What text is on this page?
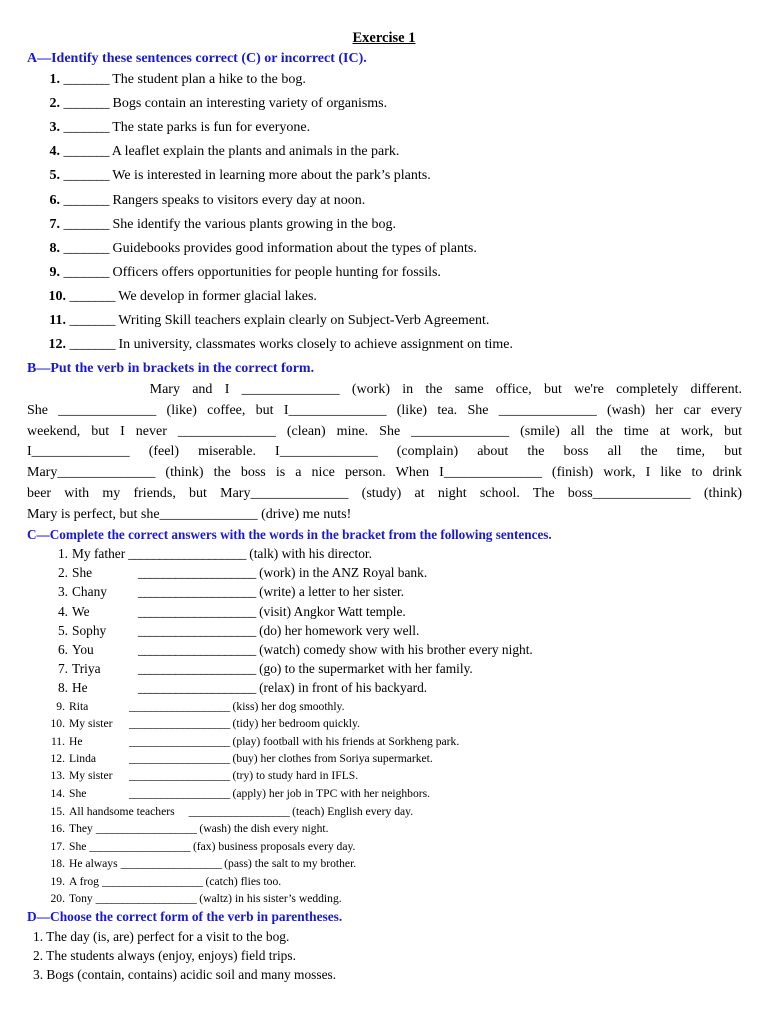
Exercise 1
A—Identify these sentences correct (C) or incorrect (IC).
1. _______ The student plan a hike to the bog.
2. _______ Bogs contain an interesting variety of organisms.
3. _______ The state parks is fun for everyone.
4. _______ A leaflet explain the plants and animals in the park.
5. _______ We is interested in learning more about the park’s plants.
6. _______ Rangers speaks to visitors every day at noon.
7. _______ She identify the various plants growing in the bog.
8. _______ Guidebooks provides good information about the types of plants.
9. _______ Officers offers opportunities for people hunting for fossils.
10. _______ We develop in former glacial lakes.
11. _______ Writing Skill teachers explain clearly on Subject-Verb Agreement.
12. _______ In university, classmates works closely to achieve assignment on time.
B—Put the verb in brackets in the correct form.
Mary and I ______________ (work) in the same office, but we're completely different.
She ______________ (like) coffee, but I______________ (like) tea. She ______________ (wash) her car every
weekend, but I never ______________ (clean) mine. She ______________ (smile) all the time at work, but
I______________ (feel) miserable. I______________ (complain) about the boss all the time, but
Mary______________ (think) the boss is a nice person. When I______________ (finish) work, I like to drink
beer with my friends, but Mary______________ (study) at night school. The boss______________ (think)
Mary is perfect, but she______________ (drive) me nuts!
C—Complete the correct answers with the words in the bracket from the following sentences.
1. My father ___________________ (talk) with his director.
2. She	___________________ (work) in the ANZ Royal bank.
3. Chany ___________________ (write) a letter to her sister.
4. We	___________________ (visit) Angkor Watt temple.
5. Sophy ___________________ (do) her homework very well.
6. You	___________________ (watch) comedy show with his brother every night.
7. Triya	___________________ (go) to the supermarket with her family.
8. He	___________________ (relax) in front of his backyard.
9. Rita	___________________ (kiss) her dog smoothly.
10. My sister ___________________ (tidy) her bedroom quickly.
11. He	___________________ (play) football with his friends at Sorkheng park.
12. Linda	___________________ (buy) her clothes from Soriya supermarket.
13. My sister ___________________ (try) to study hard in IFLS.
14. She	___________________ (apply) her job in TPC with her neighbors.
15. All handsome teachers ___________________ (teach) English every day.
16. They ___________________ (wash) the dish every night.
17. She ___________________ (fax) business proposals every day.
18. He always ___________________ (pass) the salt to my brother.
19. A frog ___________________ (catch) flies too.
20. Tony ___________________ (waltz) in his sister’s wedding.
D—Choose the correct form of the verb in parentheses.
1. The day (is, are) perfect for a visit to the bog.
2. The students always (enjoy, enjoys) field trips.
3. Bogs (contain, contains) acidic soil and many mosses.
